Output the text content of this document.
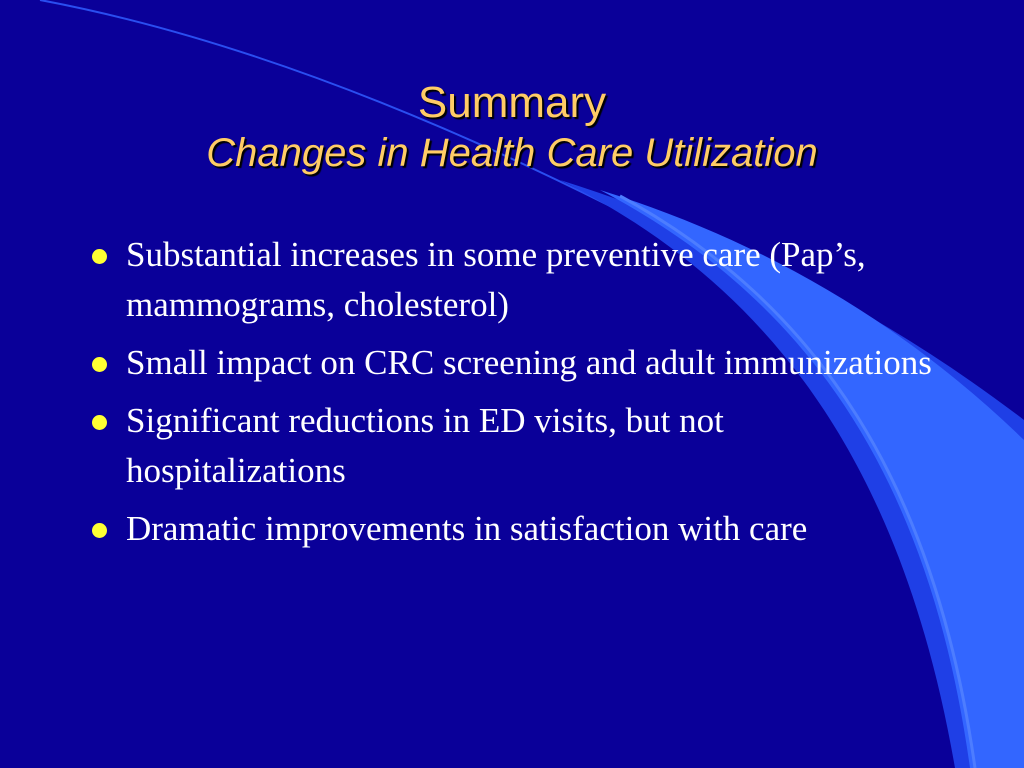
Summary
Changes in Health Care Utilization
Substantial increases in some preventive care (Pap’s, mammograms, cholesterol)
Small impact on CRC screening and adult immunizations
Significant reductions in ED visits, but not hospitalizations
Dramatic improvements in satisfaction with care
